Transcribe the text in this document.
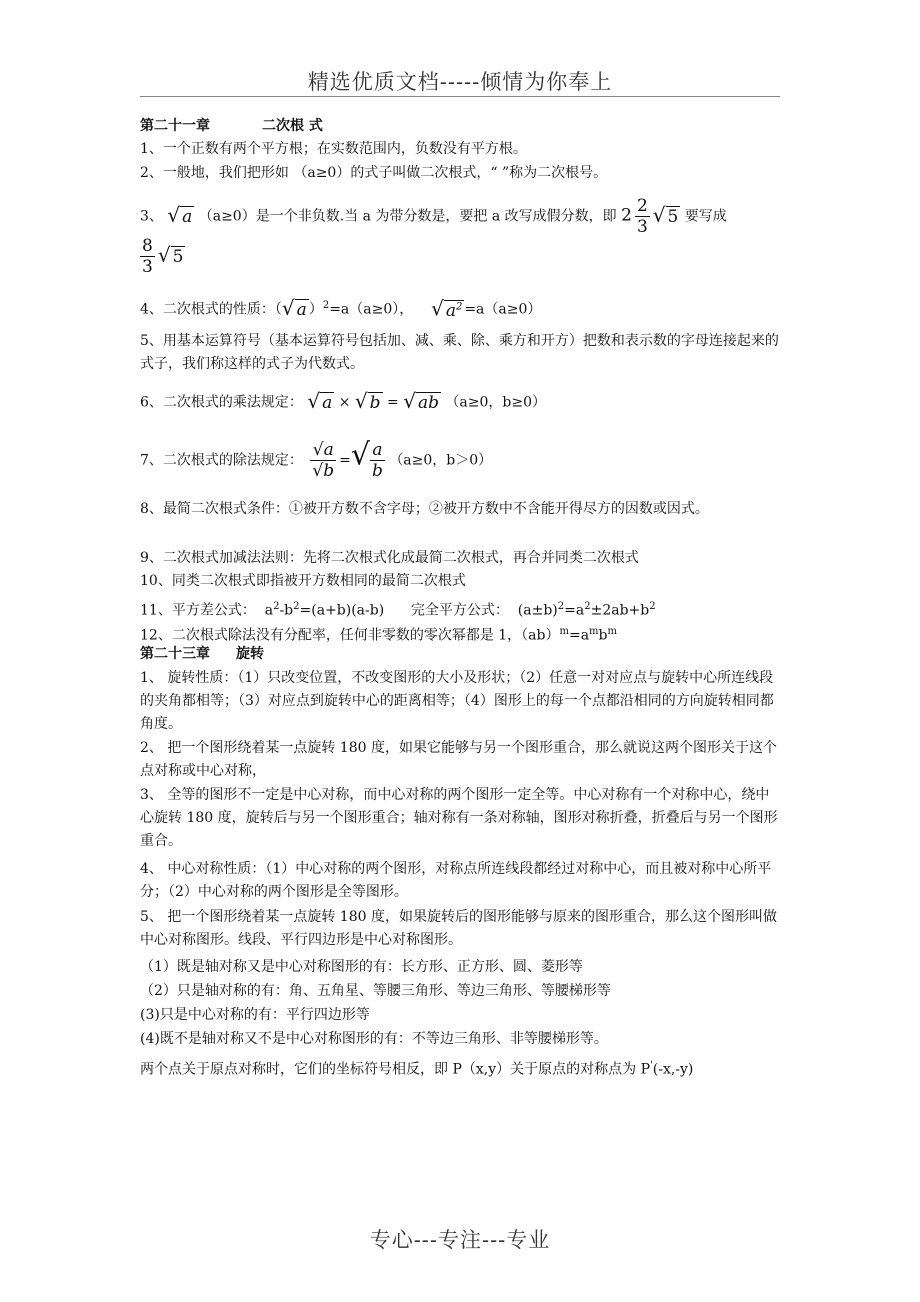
精选优质文档-----倾情为你奉上
第二十一章	二次根 式
1、一个正数有两个平方根；在实数范围内，负数没有平方根。
2、一般地，我们把形如 （a≥0）的式子叫做二次根式，“ ”称为二次根号。
3、 √ a （a≥0）是一个非负数.当 a 为带分数是，要把 a 改写成假分数，即 $2 \frac{2}{3}$ √ 5 要写成
$\frac{8}{3}$ √ 5
4、二次根式的性质：（√ a ）$^2$=a（a≥0）， √ $a^2 =a(a\ge 0)$
5、用基本运算符号（基本运算符号包括加、减、乘、除、乘方和开方）把数和表示数的字母连接起来的式子，我们称这样的式子为代数式。
6、二次根式的乘法规定： √ a × √ b = √ ab （a≥0，b≥0）
7、二次根式的除法规定： $\frac{√a}{√b}$ =√ $\frac{a}{b} (a\ge 0$，b＞0）
8、最简二次根式条件：①被开方数不含字母；②被开方数中不含能开得尽方的因数或因式。
9、二次根式加减法法则：先将二次根式化成最简二次根式，再合并同类二次根式
10、同类二次根式即指被开方数相同的最简二次根式
11、平方差公式：  $a^2-b^2=(a+b)(a-b)$      完全平方公式：  $(a\pm b)^2=a^2\pm 2ab+b^2$
12、二次根式除法没有分配率，任何非零数的零次幂都是 1，$(ab)^m=a^mb^m$
第二十三章 旋转
1、 旋转性质：（1）只改变位置，不改变图形的大小及形状；（2）任意一对对应点与旋转中心所连线段的夹角都相等；（3）对应点到旋转中心的距离相等；（4）图形上的每一个点都沿相同的方向旋转相同都角度。
2、 把一个图形绕着某一点旋转 180 度，如果它能够与另一个图形重合，那么就说这两个图形关于这个点对称或中心对称，
3、 全等的图形不一定是中心对称，而中心对称的两个图形一定全等。中心对称有一个对称中心，绕中心旋转 180 度，旋转后与另一个图形重合；轴对称有一条对称轴，图形对称折叠，折叠后与另一个图形重合。
4、 中心对称性质：（1）中心对称的两个图形，对称点所连线段都经过对称中心，而且被对称中心所平分；（2）中心对称的两个图形是全等图形。
5、 把一个图形绕着某一点旋转 180 度，如果旋转后的图形能够与原来的图形重合，那么这个图形叫做中心对称图形。线段、平行四边形是中心对称图形。
（1）既是轴对称又是中心对称图形的有：长方形、正方形、圆、菱形等
（2）只是轴对称的有：角、五角星、等腰三角形、等边三角形、等腰梯形等
(3)只是中心对称的有：平行四边形等
(4)既不是轴对称又不是中心对称图形的有：不等边三角形、非等腰梯形等。
两个点关于原点对称时，它们的坐标符号相反，即 P（x,y）关于原点的对称点为 P'(-x,-y)
专心---专注---专业
